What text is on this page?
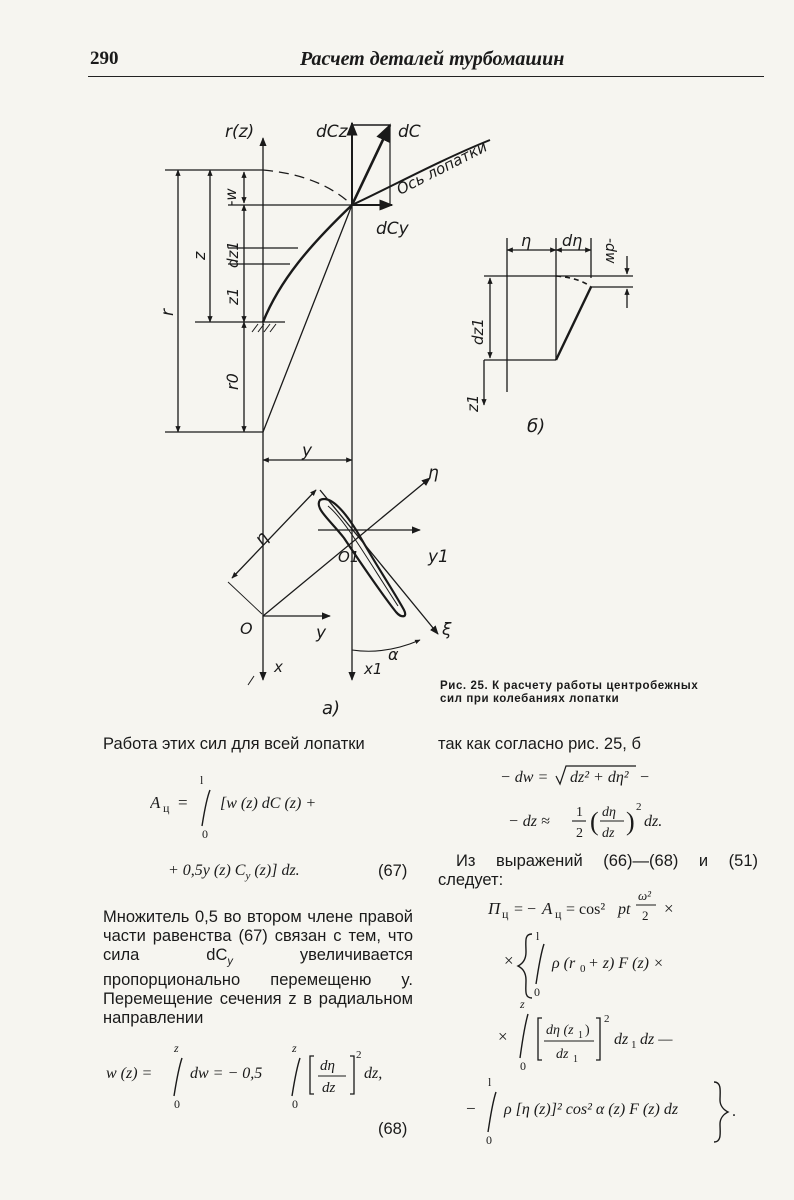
290	Расчет деталей турбомашин
r(z)	dCz	dC
Ось лопатки
-w
z dz1
z1
r
r0
dCy
y
η
η
O1	y1
O	y	ξ
x	x1
α
а)
η dη -dw
dz1
z1
б)
Рис. 25. К расчету работы центробежных
сил при колебаниях лопатки
Работа этих сил для всей лопатки
A ц =
l
0
[w (z) dC (z) +
+ 0,5y (z) $C_y$ (z)] dz.	(67)
Множитель 0,5 во втором члене правой части равенства (67) связан с тем, что сила $dC_y$ увеличивается пропорционально перемещеню y. Перемещение сечения z в радиальном направлении
w (z) =
z
0
dw = − 0,5
z
0
dη
dz
2
dz,
(68)
так как согласно рис. 25, б
− dw = dz² + dη² −
− dz ≈
1
2 ( dη
dz ) 2
dz.
Из выражений (66)—(68) и (51) следует:
П ц = − A ц = cos² pt
ω²
2 ×
×
l
0
ρ (r 0 + z) F (z) ×
×
z
0
dη (z 1 )
dz 1
2
dz 1 dz —
−
l
0
ρ [η (z)]² cos² α (z) F (z) dz	.
